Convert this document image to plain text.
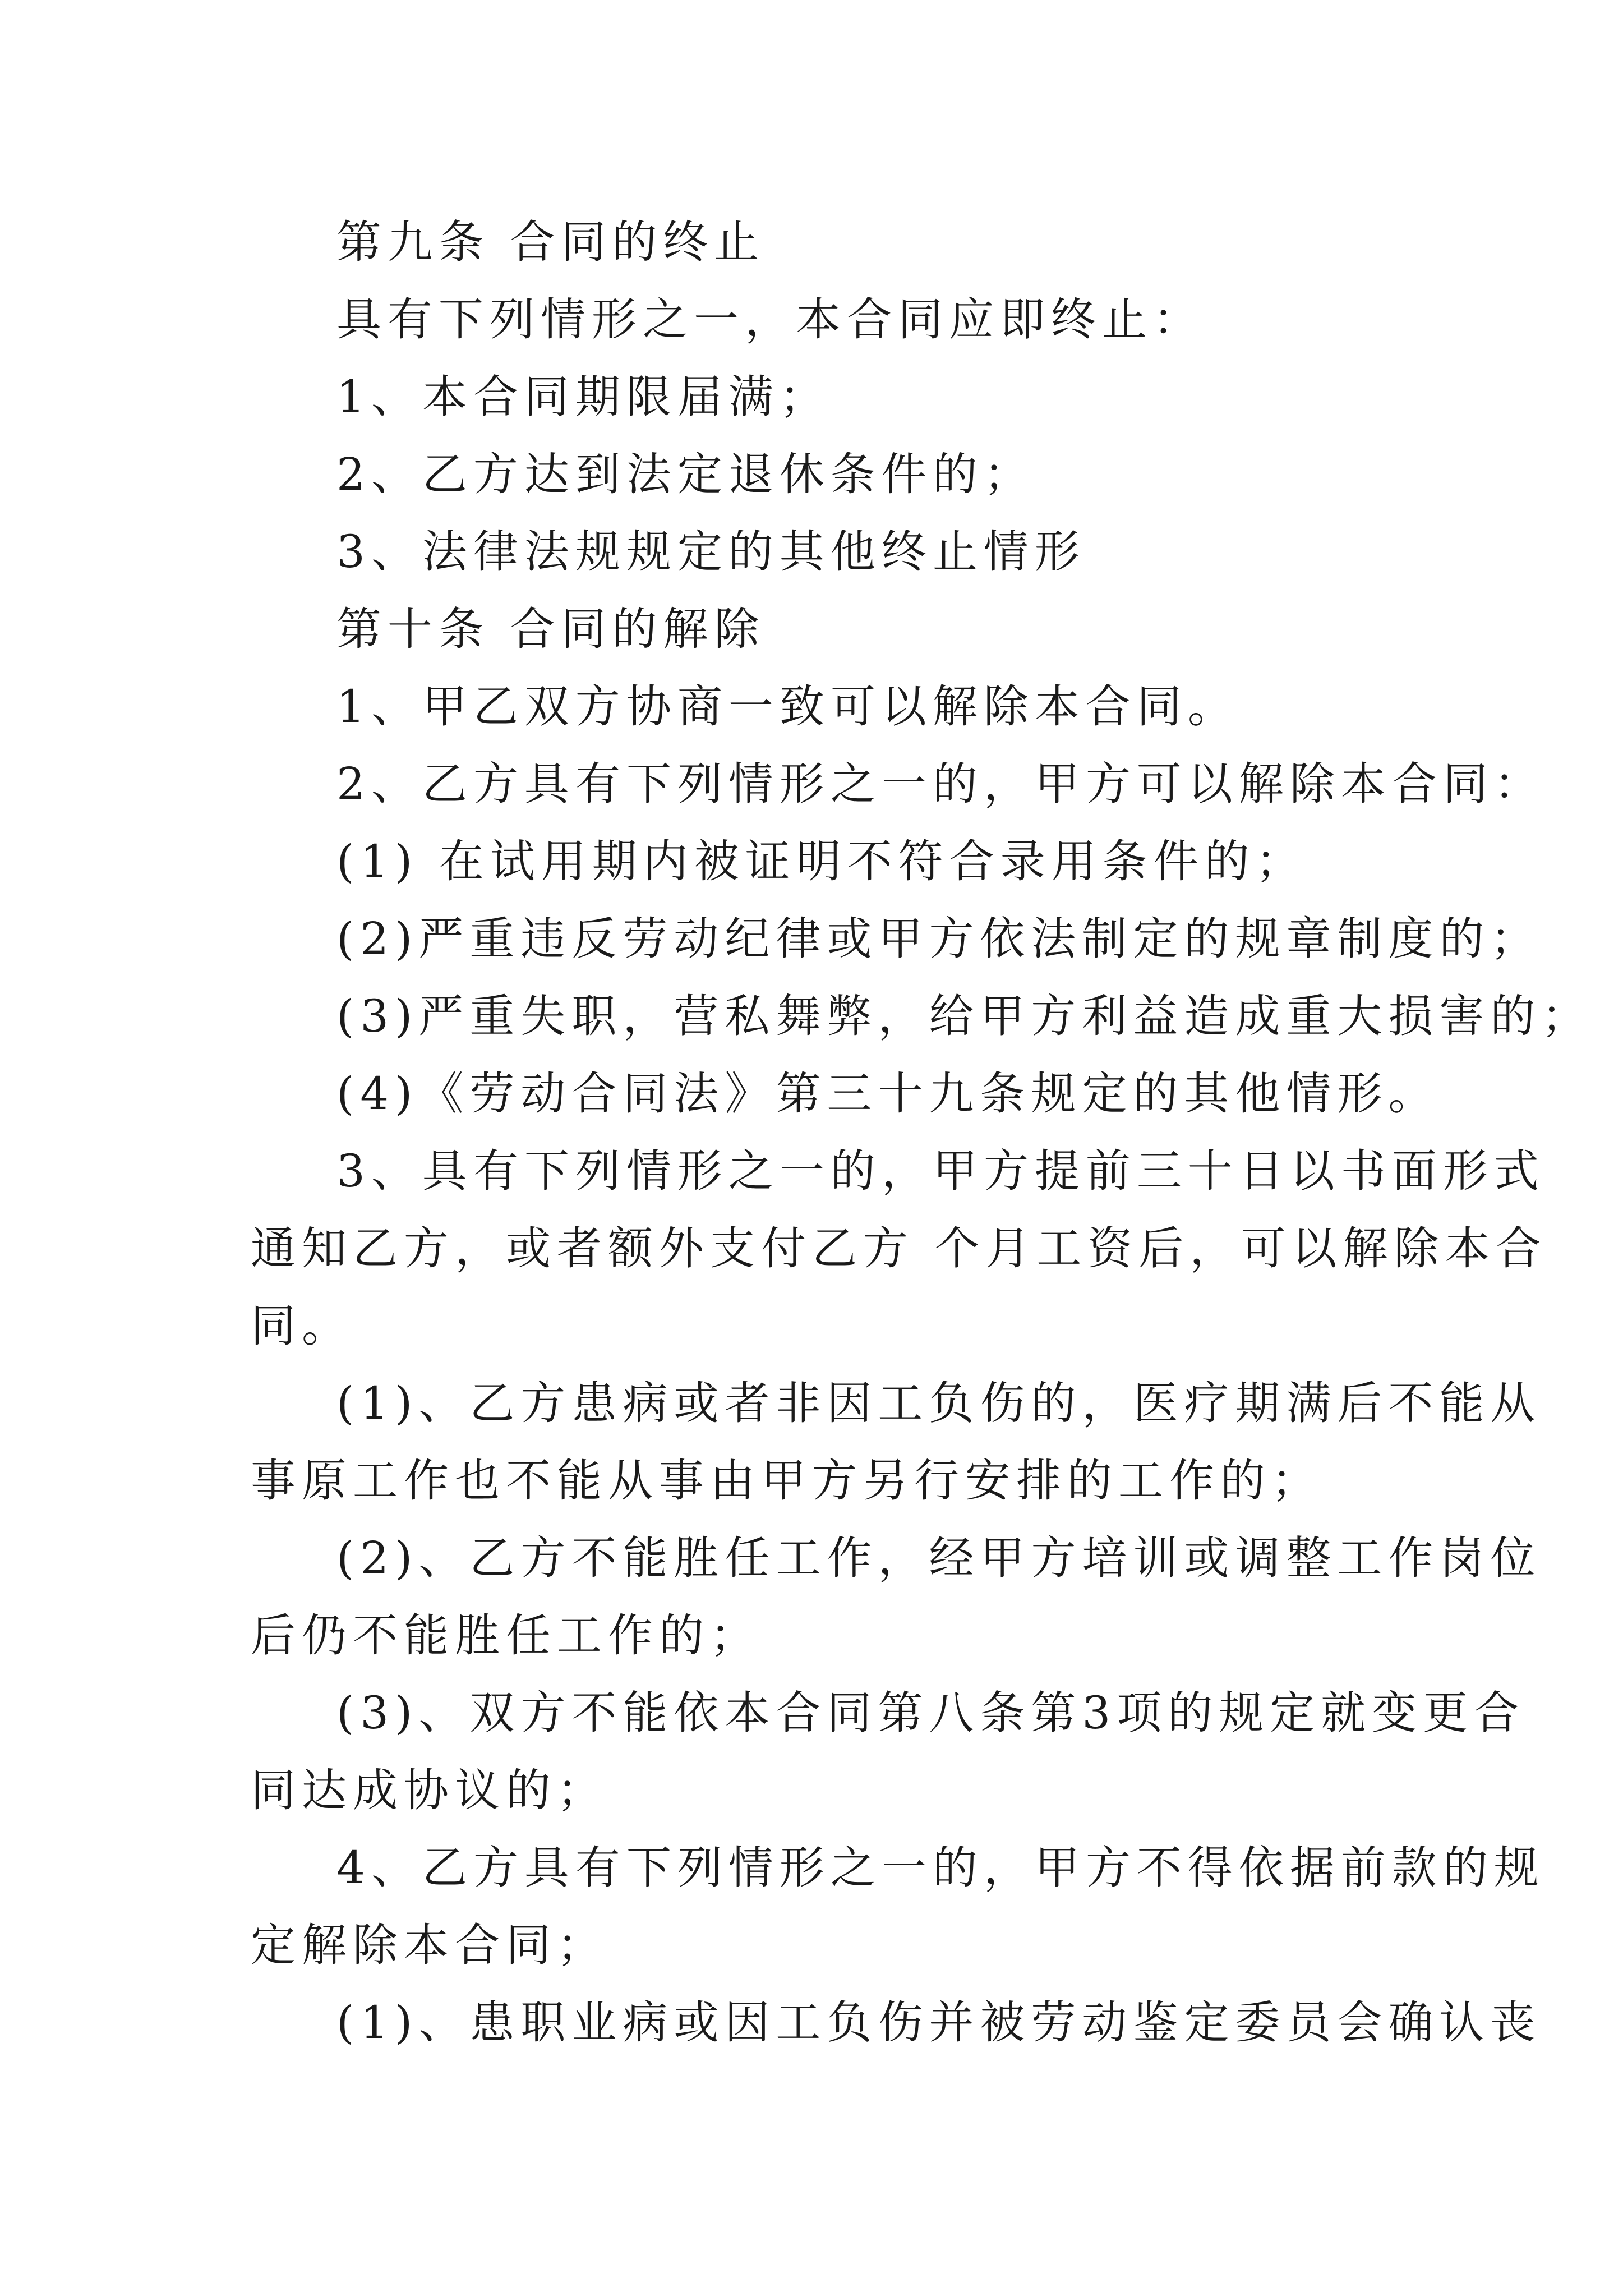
第九条 合同的终止
具有下列情形之一，本合同应即终止：
1、本合同期限届满；
2、乙方达到法定退休条件的；
3、法律法规规定的其他终止情形
第十条 合同的解除
1、甲乙双方协商一致可以解除本合同。
2、乙方具有下列情形之一的，甲方可以解除本合同：
(1) 在试用期内被证明不符合录用条件的；
(2)严重违反劳动纪律或甲方依法制定的规章制度的；
(3)严重失职，营私舞弊，给甲方利益造成重大损害的；
(4)《劳动合同法》第三十九条规定的其他情形。
3、具有下列情形之一的，甲方提前三十日以书面形式
通知乙方，或者额外支付乙方 个月工资后，可以解除本合
同。
(1)、乙方患病或者非因工负伤的，医疗期满后不能从
事原工作也不能从事由甲方另行安排的工作的；
(2)、乙方不能胜任工作，经甲方培训或调整工作岗位
后仍不能胜任工作的；
(3)、双方不能依本合同第八条第3项的规定就变更合
同达成协议的；
4、乙方具有下列情形之一的，甲方不得依据前款的规
定解除本合同；
(1)、患职业病或因工负伤并被劳动鉴定委员会确认丧
